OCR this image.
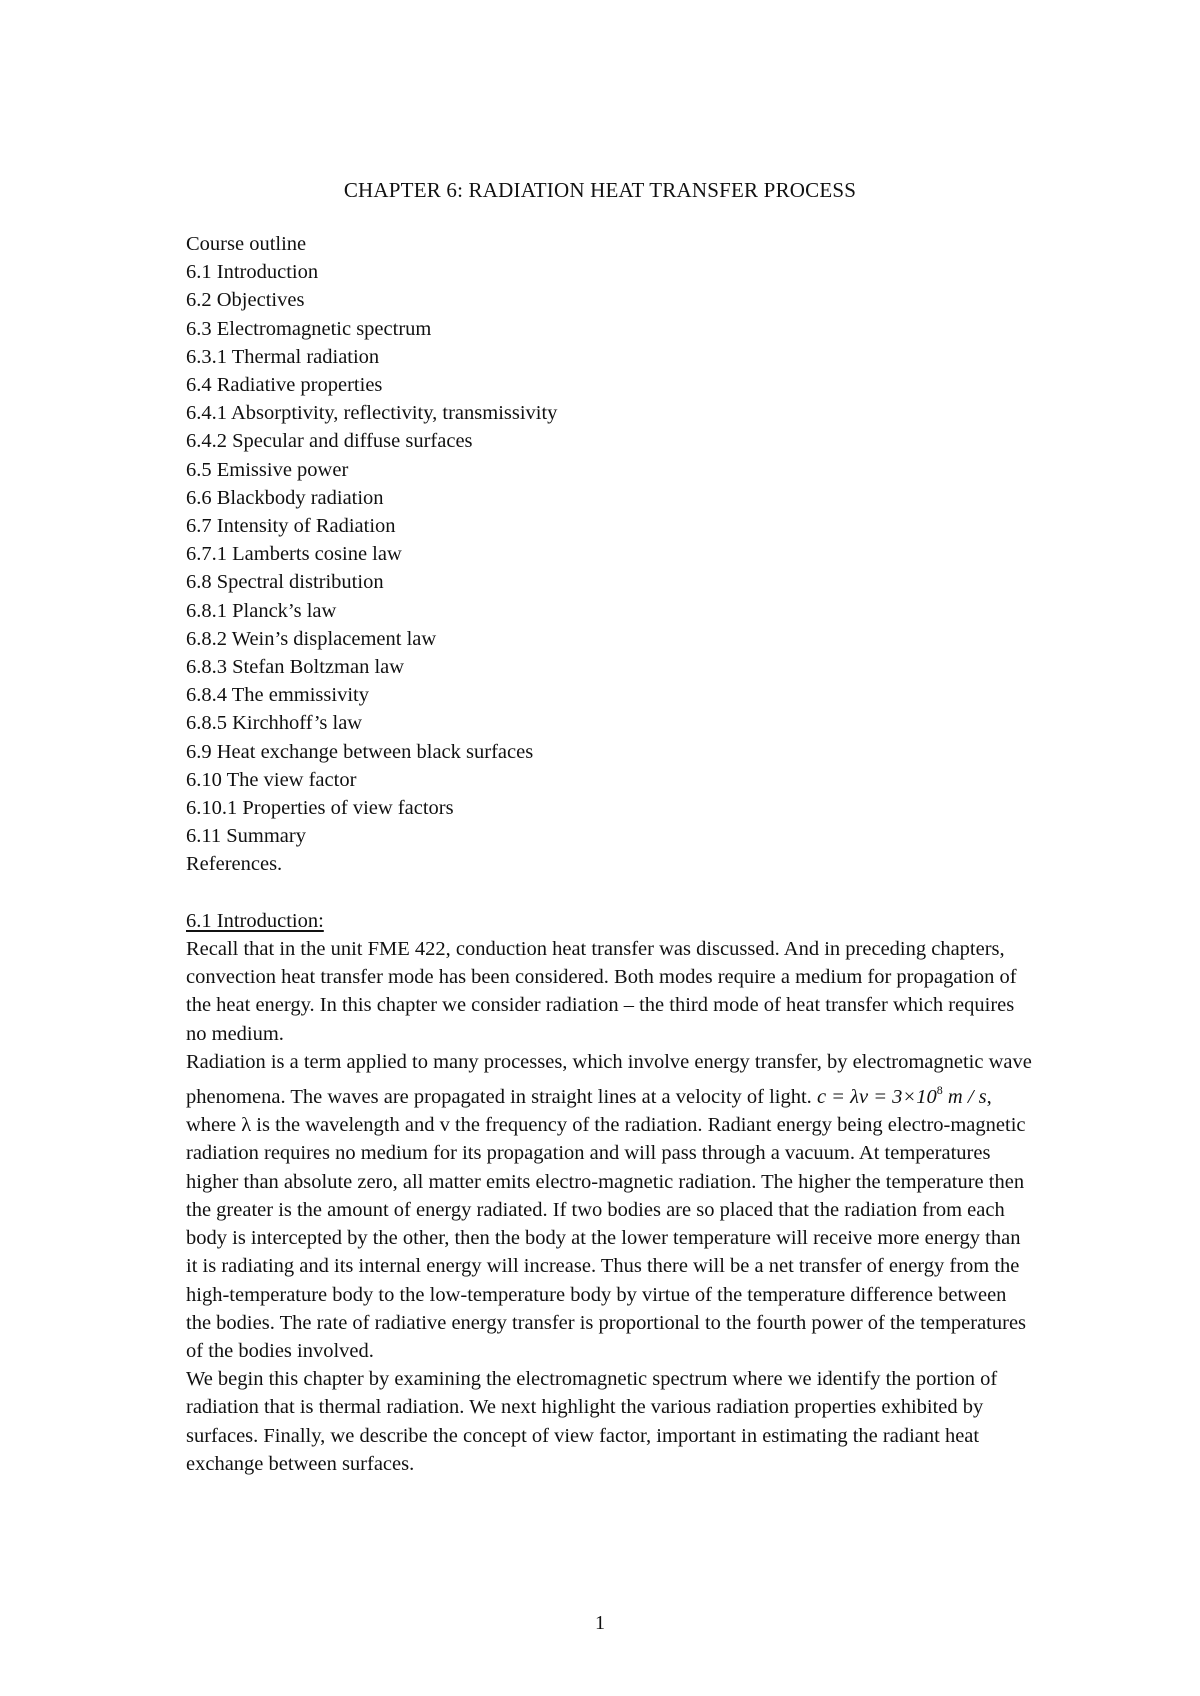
CHAPTER 6: RADIATION HEAT TRANSFER PROCESS
Course outline
6.1 Introduction
6.2 Objectives
6.3 Electromagnetic spectrum
6.3.1 Thermal radiation
6.4 Radiative properties
6.4.1 Absorptivity, reflectivity, transmissivity
6.4.2 Specular and diffuse surfaces
6.5 Emissive power
6.6 Blackbody radiation
6.7 Intensity of Radiation
6.7.1 Lamberts cosine law
6.8 Spectral distribution
6.8.1 Planck’s law
6.8.2 Wein’s displacement law
6.8.3 Stefan Boltzman law
6.8.4 The emmissivity
6.8.5 Kirchhoff’s law
6.9 Heat exchange between black surfaces
6.10 The view factor
6.10.1 Properties of view factors
6.11 Summary
References.
6.1 Introduction:

Recall that in the unit FME 422, conduction heat transfer was discussed. And in preceding chapters, convection heat transfer mode has been considered. Both modes require a medium for propagation of the heat energy. In this chapter we consider radiation – the third mode of heat transfer which requires no medium.

Radiation is a term applied to many processes, which involve energy transfer, by electromagnetic wave phenomena. The waves are propagated in straight lines at a velocity of light. $c = \lambda\nu = 3\times 10^8$ m / s, where λ is the wavelength and v the frequency of the radiation. Radiant energy being electro-magnetic radiation requires no medium for its propagation and will pass through a vacuum. At temperatures higher than absolute zero, all matter emits electro-magnetic radiation. The higher the temperature then the greater is the amount of energy radiated. If two bodies are so placed that the radiation from each body is intercepted by the other, then the body at the lower temperature will receive more energy than it is radiating and its internal energy will increase. Thus there will be a net transfer of energy from the high-temperature body to the low-temperature body by virtue of the temperature difference between the bodies. The rate of radiative energy transfer is proportional to the fourth power of the temperatures of the bodies involved.

We begin this chapter by examining the electromagnetic spectrum where we identify the portion of radiation that is thermal radiation. We next highlight the various radiation properties exhibited by surfaces. Finally, we describe the concept of view factor, important in estimating the radiant heat exchange between surfaces.

1
